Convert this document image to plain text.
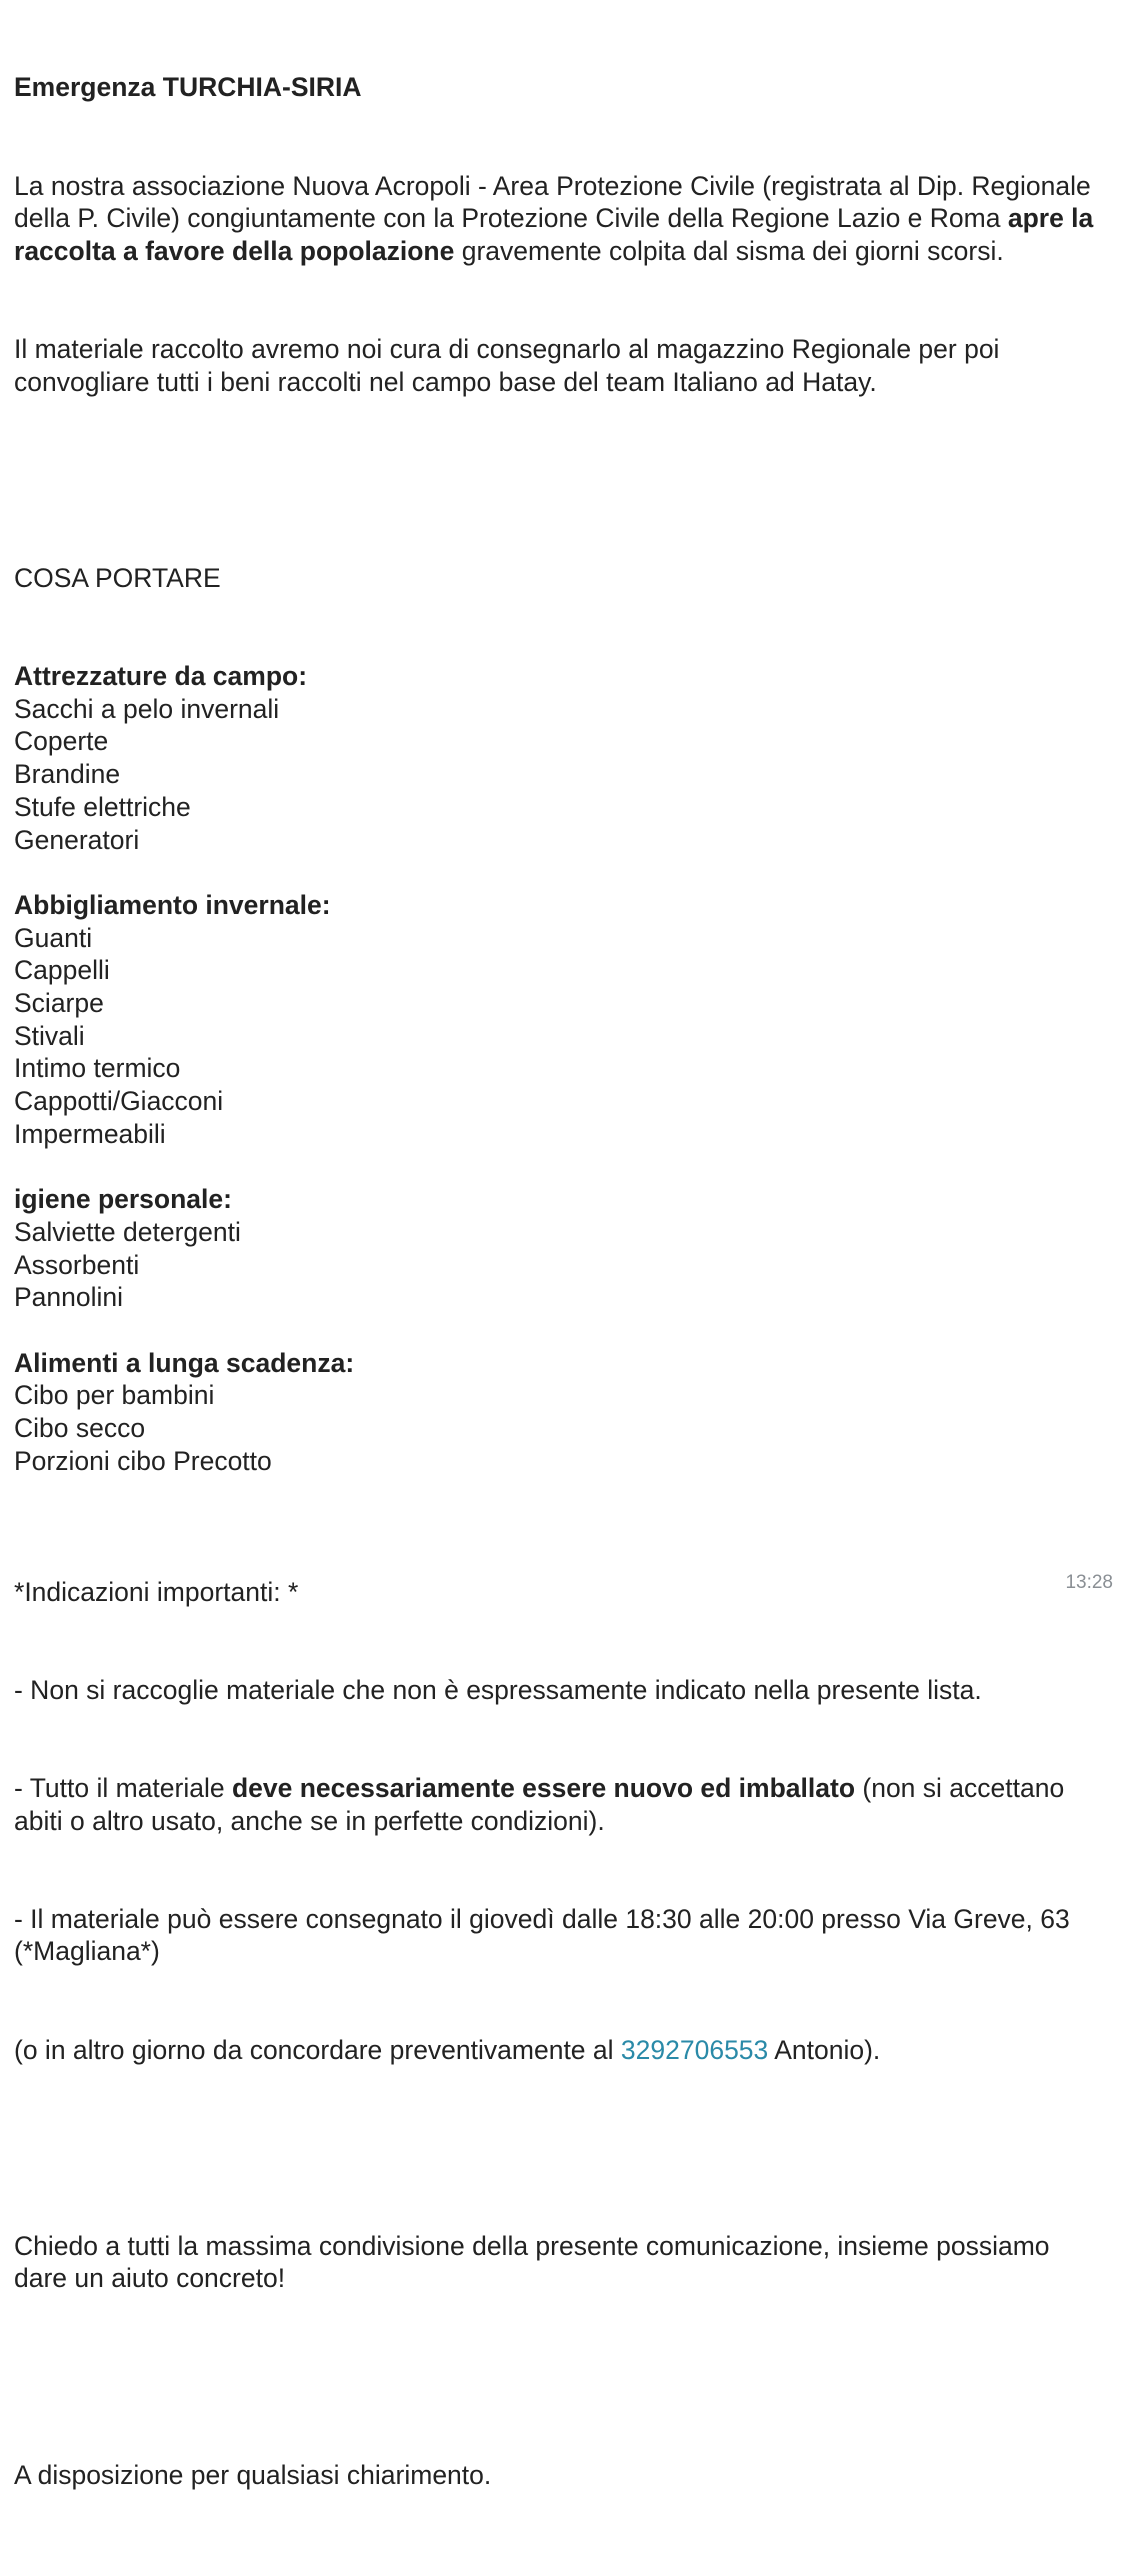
Emergenza TURCHIA-SIRIA

La nostra associazione Nuova Acropoli - Area Protezione Civile (registrata al Dip. Regionale della P. Civile) congiuntamente con la Protezione Civile della Regione Lazio e Roma apre la raccolta a favore della popolazione gravemente colpita dal sisma dei giorni scorsi.

Il materiale raccolto avremo noi cura di consegnarlo al magazzino Regionale per poi convogliare tutti i beni raccolti nel campo base del team Italiano ad Hatay.

COSA PORTARE

Attrezzature da campo:
Sacchi a pelo invernali
Coperte
Brandine
Stufe elettriche
Generatori
Abbigliamento invernale:
Guanti
Cappelli
Sciarpe
Stivali
Intimo termico
Cappotti/Giacconi
Impermeabili
igiene personale:
Salviette detergenti
Assorbenti
Pannolini
Alimenti a lunga scadenza:
Cibo per bambini
Cibo secco
Porzioni cibo Precotto

*Indicazioni importanti: *

- Non si raccoglie materiale che non è espressamente indicato nella presente lista.

- Tutto il materiale deve necessariamente essere nuovo ed imballato (non si accettano abiti o altro usato, anche se in perfette condizioni).

- Il materiale può essere consegnato il giovedì dalle 18:30 alle 20:00 presso Via Greve, 63 (*Magliana*)

(o in altro giorno da concordare preventivamente al 3292706553 Antonio).

Chiedo a tutti la massima condivisione della presente comunicazione, insieme possiamo dare un aiuto concreto!

A disposizione per qualsiasi chiarimento.

13:28
